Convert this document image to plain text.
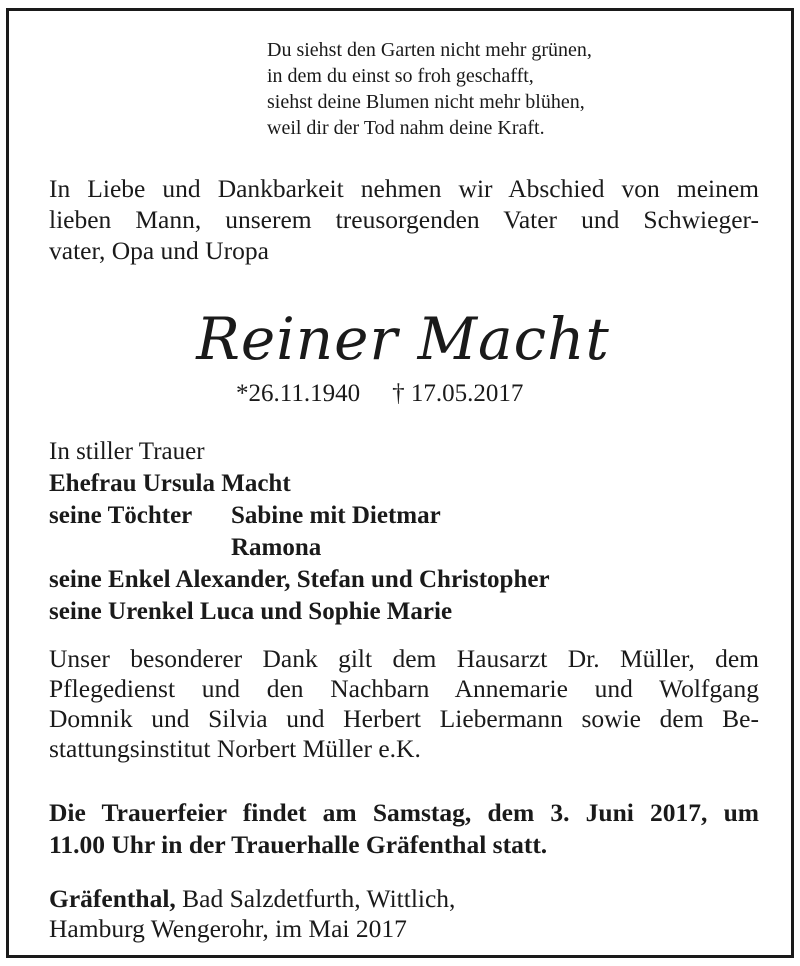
Du siehst den Garten nicht mehr grünen,
in dem du einst so froh geschafft,
siehst deine Blumen nicht mehr blühen,
weil dir der Tod nahm deine Kraft.
In Liebe und Dankbarkeit nehmen wir Abschied von meinem
lieben Mann, unserem treusorgenden Vater und Schwieger-
vater, Opa und Uropa
Reiner Macht
*26.11.1940 † 17.05.2017
In stiller Trauer
Ehefrau Ursula Macht
seine Töchter Sabine mit Dietmar
Ramona
seine Enkel Alexander, Stefan und Christopher
seine Urenkel Luca und Sophie Marie
Unser besonderer Dank gilt dem Hausarzt Dr. Müller, dem
Pflegedienst und den Nachbarn Annemarie und Wolfgang
Domnik und Silvia und Herbert Liebermann sowie dem Be-
stattungsinstitut Norbert Müller e.K.
Die Trauerfeier findet am Samstag, dem 3. Juni 2017, um
11.00 Uhr in der Trauerhalle Gräfenthal statt.
Gräfenthal, Bad Salzdetfurth, Wittlich,
Hamburg Wengerohr, im Mai 2017
